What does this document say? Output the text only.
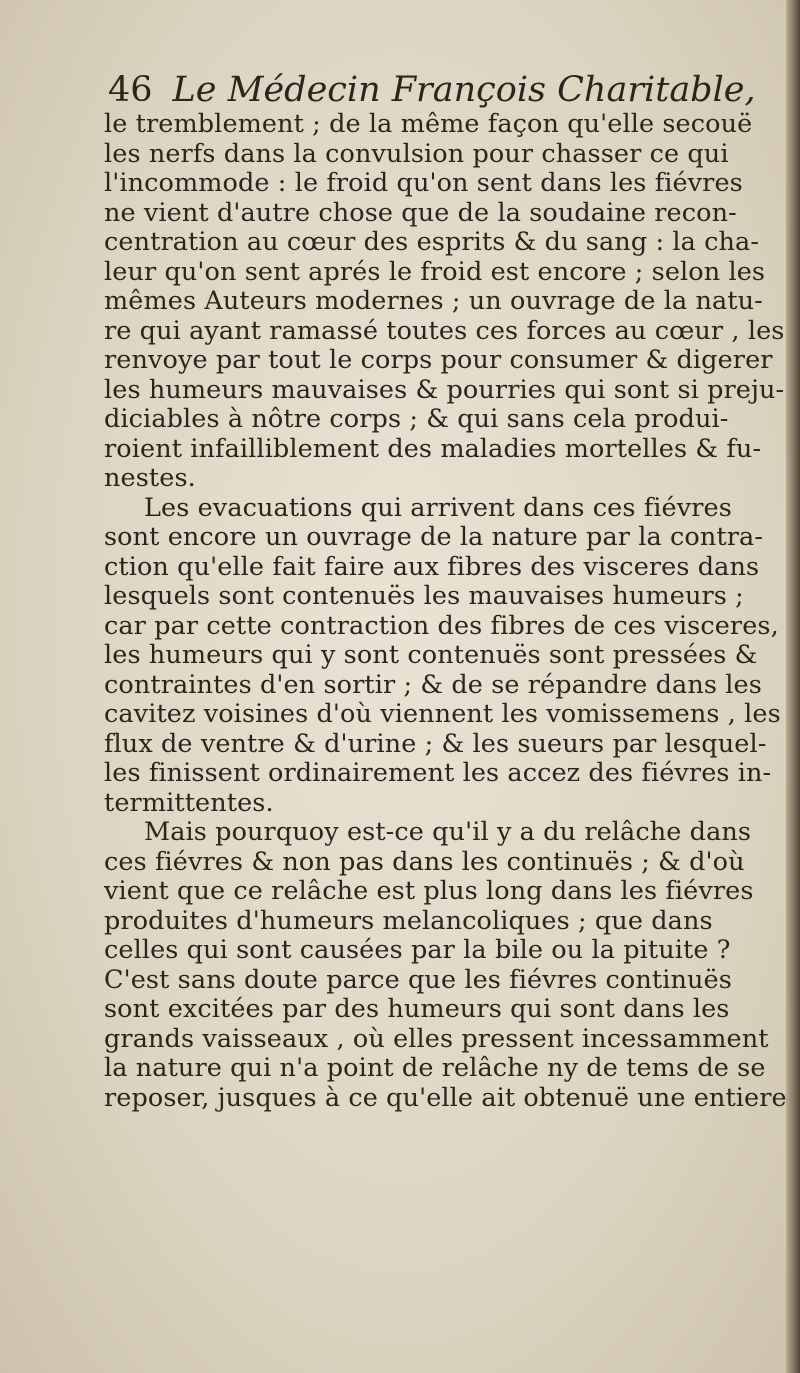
46 Le Médecin François Charitable,
le tremblement ; de la même façon qu'elle secouë
les nerfs dans la convulsion pour chasser ce qui
l'incommode : le froid qu'on sent dans les fiévres
ne vient d'autre chose que de la soudaine recon-
centration au cœur des esprits & du sang : la cha-
leur qu'on sent aprés le froid est encore ; selon les
mêmes Auteurs modernes ; un ouvrage de la natu-
re qui ayant ramassé toutes ces forces au cœur , les
renvoye par tout le corps pour consumer & digerer
les humeurs mauvaises & pourries qui sont si preju-
diciables à nôtre corps ; & qui sans cela produi-
roient infailliblement des maladies mortelles & fu-
nestes.
Les evacuations qui arrivent dans ces fiévres
sont encore un ouvrage de la nature par la contra-
ction qu'elle fait faire aux fibres des visceres dans
lesquels sont contenuës les mauvaises humeurs ;
car par cette contraction des fibres de ces visceres,
les humeurs qui y sont contenuës sont pressées &
contraintes d'en sortir ; & de se répandre dans les
cavitez voisines d'où viennent les vomissemens , les
flux de ventre & d'urine ; & les sueurs par lesquel-
les finissent ordinairement les accez des fiévres in-
termittentes.
Mais pourquoy est-ce qu'il y a du relâche dans
ces fiévres & non pas dans les continuës ; & d'où
vient que ce relâche est plus long dans les fiévres
produites d'humeurs melancoliques ; que dans
celles qui sont causées par la bile ou la pituite ?
C'est sans doute parce que les fiévres continuës
sont excitées par des humeurs qui sont dans les
grands vaisseaux , où elles pressent incessamment
la nature qui n'a point de relâche ny de tems de se
reposer, jusques à ce qu'elle ait obtenuë une entiere
